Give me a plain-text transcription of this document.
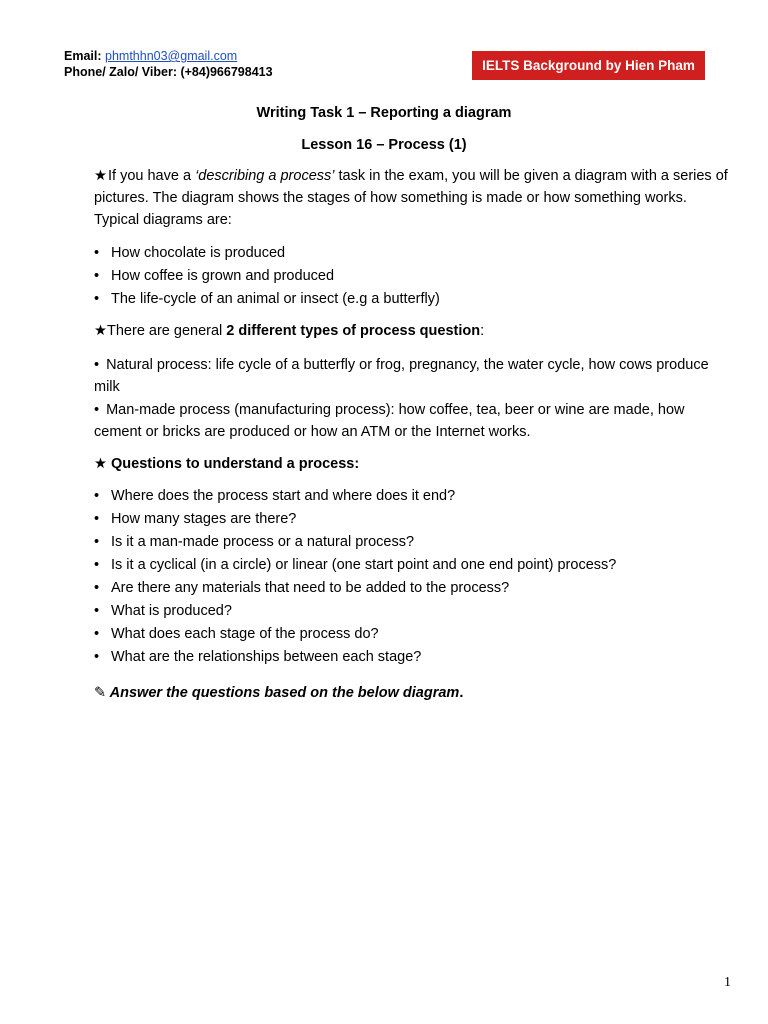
Email: phmthhn03@gmail.com
Phone/ Zalo/ Viber: (+84)966798413	IELTS Background by Hien Pham
Writing Task 1 – Reporting a diagram
Lesson 16 – Process (1)
★If you have a ‘describing a process’ task in the exam, you will be given a diagram with a series of pictures. The diagram shows the stages of how something is made or how something works. Typical diagrams are:
• How chocolate is produced
• How coffee is grown and produced
• The life-cycle of an animal or insect (e.g a butterfly)
★There are general 2 different types of process question:
• Natural process: life cycle of a butterfly or frog, pregnancy, the water cycle, how cows produce milk
• Man-made process (manufacturing process): how coffee, tea, beer or wine are made, how cement or bricks are produced or how an ATM or the Internet works.
★ Questions to understand a process:
• Where does the process start and where does it end?
• How many stages are there?
• Is it a man-made process or a natural process?
• Is it a cyclical (in a circle) or linear (one start point and one end point) process?
• Are there any materials that need to be added to the process?
• What is produced?
• What does each stage of the process do?
• What are the relationships between each stage?
✎ Answer the questions based on the below diagram.
1
